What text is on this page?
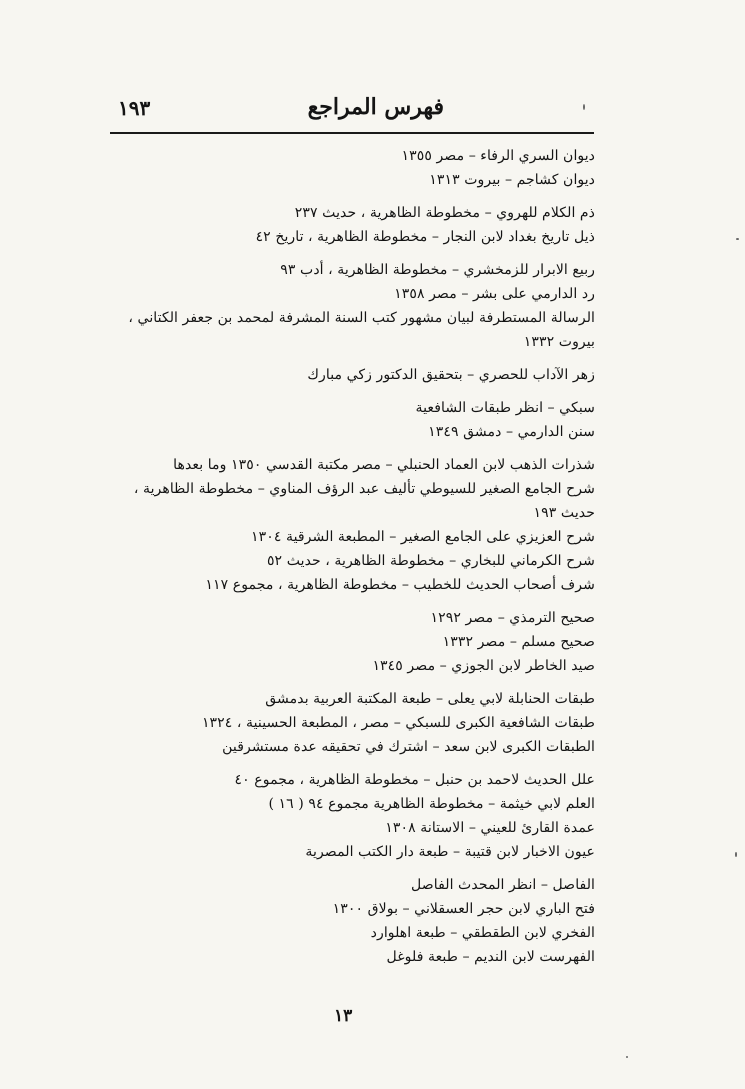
١٩٣	فهرس المراجع
ديوان السري الرفاء – مصر ١٣٥٥
ديوان كشاجم – بيروت ١٣١٣
ذم الكلام للهروي – مخطوطة الظاهرية ، حديث ٢٣٧
ذيل تاريخ بغداد لابن النجار – مخطوطة الظاهرية ، تاريخ ٤٢
ربيع الابرار للزمخشري – مخطوطة الظاهرية ، أدب ٩٣
رد الدارمي على بشر – مصر ١٣٥٨
الرسالة المستطرفة لبيان مشهور كتب السنة المشرفة لمحمد بن جعفر الكتاني ،
بيروت ١٣٣٢
زهر الآداب للحصري – بتحقيق الدكتور زكي مبارك
سبكي – انظر طبقات الشافعية
سنن الدارمي – دمشق ١٣٤٩
شذرات الذهب لابن العماد الحنبلي – مصر مكتبة القدسي ١٣٥٠ وما بعدها
شرح الجامع الصغير للسيوطي تأليف عبد الرؤف المناوي – مخطوطة الظاهرية ،
حديث ١٩٣
شرح العزيزي على الجامع الصغير – المطبعة الشرقية ١٣٠٤
شرح الكرماني للبخاري – مخطوطة الظاهرية ، حديث ٥٢
شرف أصحاب الحديث للخطيب – مخطوطة الظاهرية ، مجموع ١١٧
صحيح الترمذي – مصر ١٢٩٢
صحيح مسلم – مصر ١٣٣٢
صيد الخاطر لابن الجوزي – مصر ١٣٤٥
طبقات الحنابلة لابي يعلى – طبعة المكتبة العربية بدمشق
طبقات الشافعية الكبرى للسبكي – مصر ، المطبعة الحسينية ، ١٣٢٤
الطبقات الكبرى لابن سعد – اشترك في تحقيقه عدة مستشرقين
علل الحديث لاحمد بن حنبل – مخطوطة الظاهرية ، مجموع ٤٠
العلم لابي خيثمة – مخطوطة الظاهرية مجموع ٩٤ ( ١٦ )
عمدة القارئ للعيني – الاستانة ١٣٠٨
عيون الاخبار لابن قتيبة – طبعة دار الكتب المصرية
الفاصل – انظر المحدث الفاصل
فتح الباري لابن حجر العسقلاني – بولاق ١٣٠٠
الفخري لابن الطقطقي – طبعة اهلوارد
الفهرست لابن النديم – طبعة فلوغل
١٣
